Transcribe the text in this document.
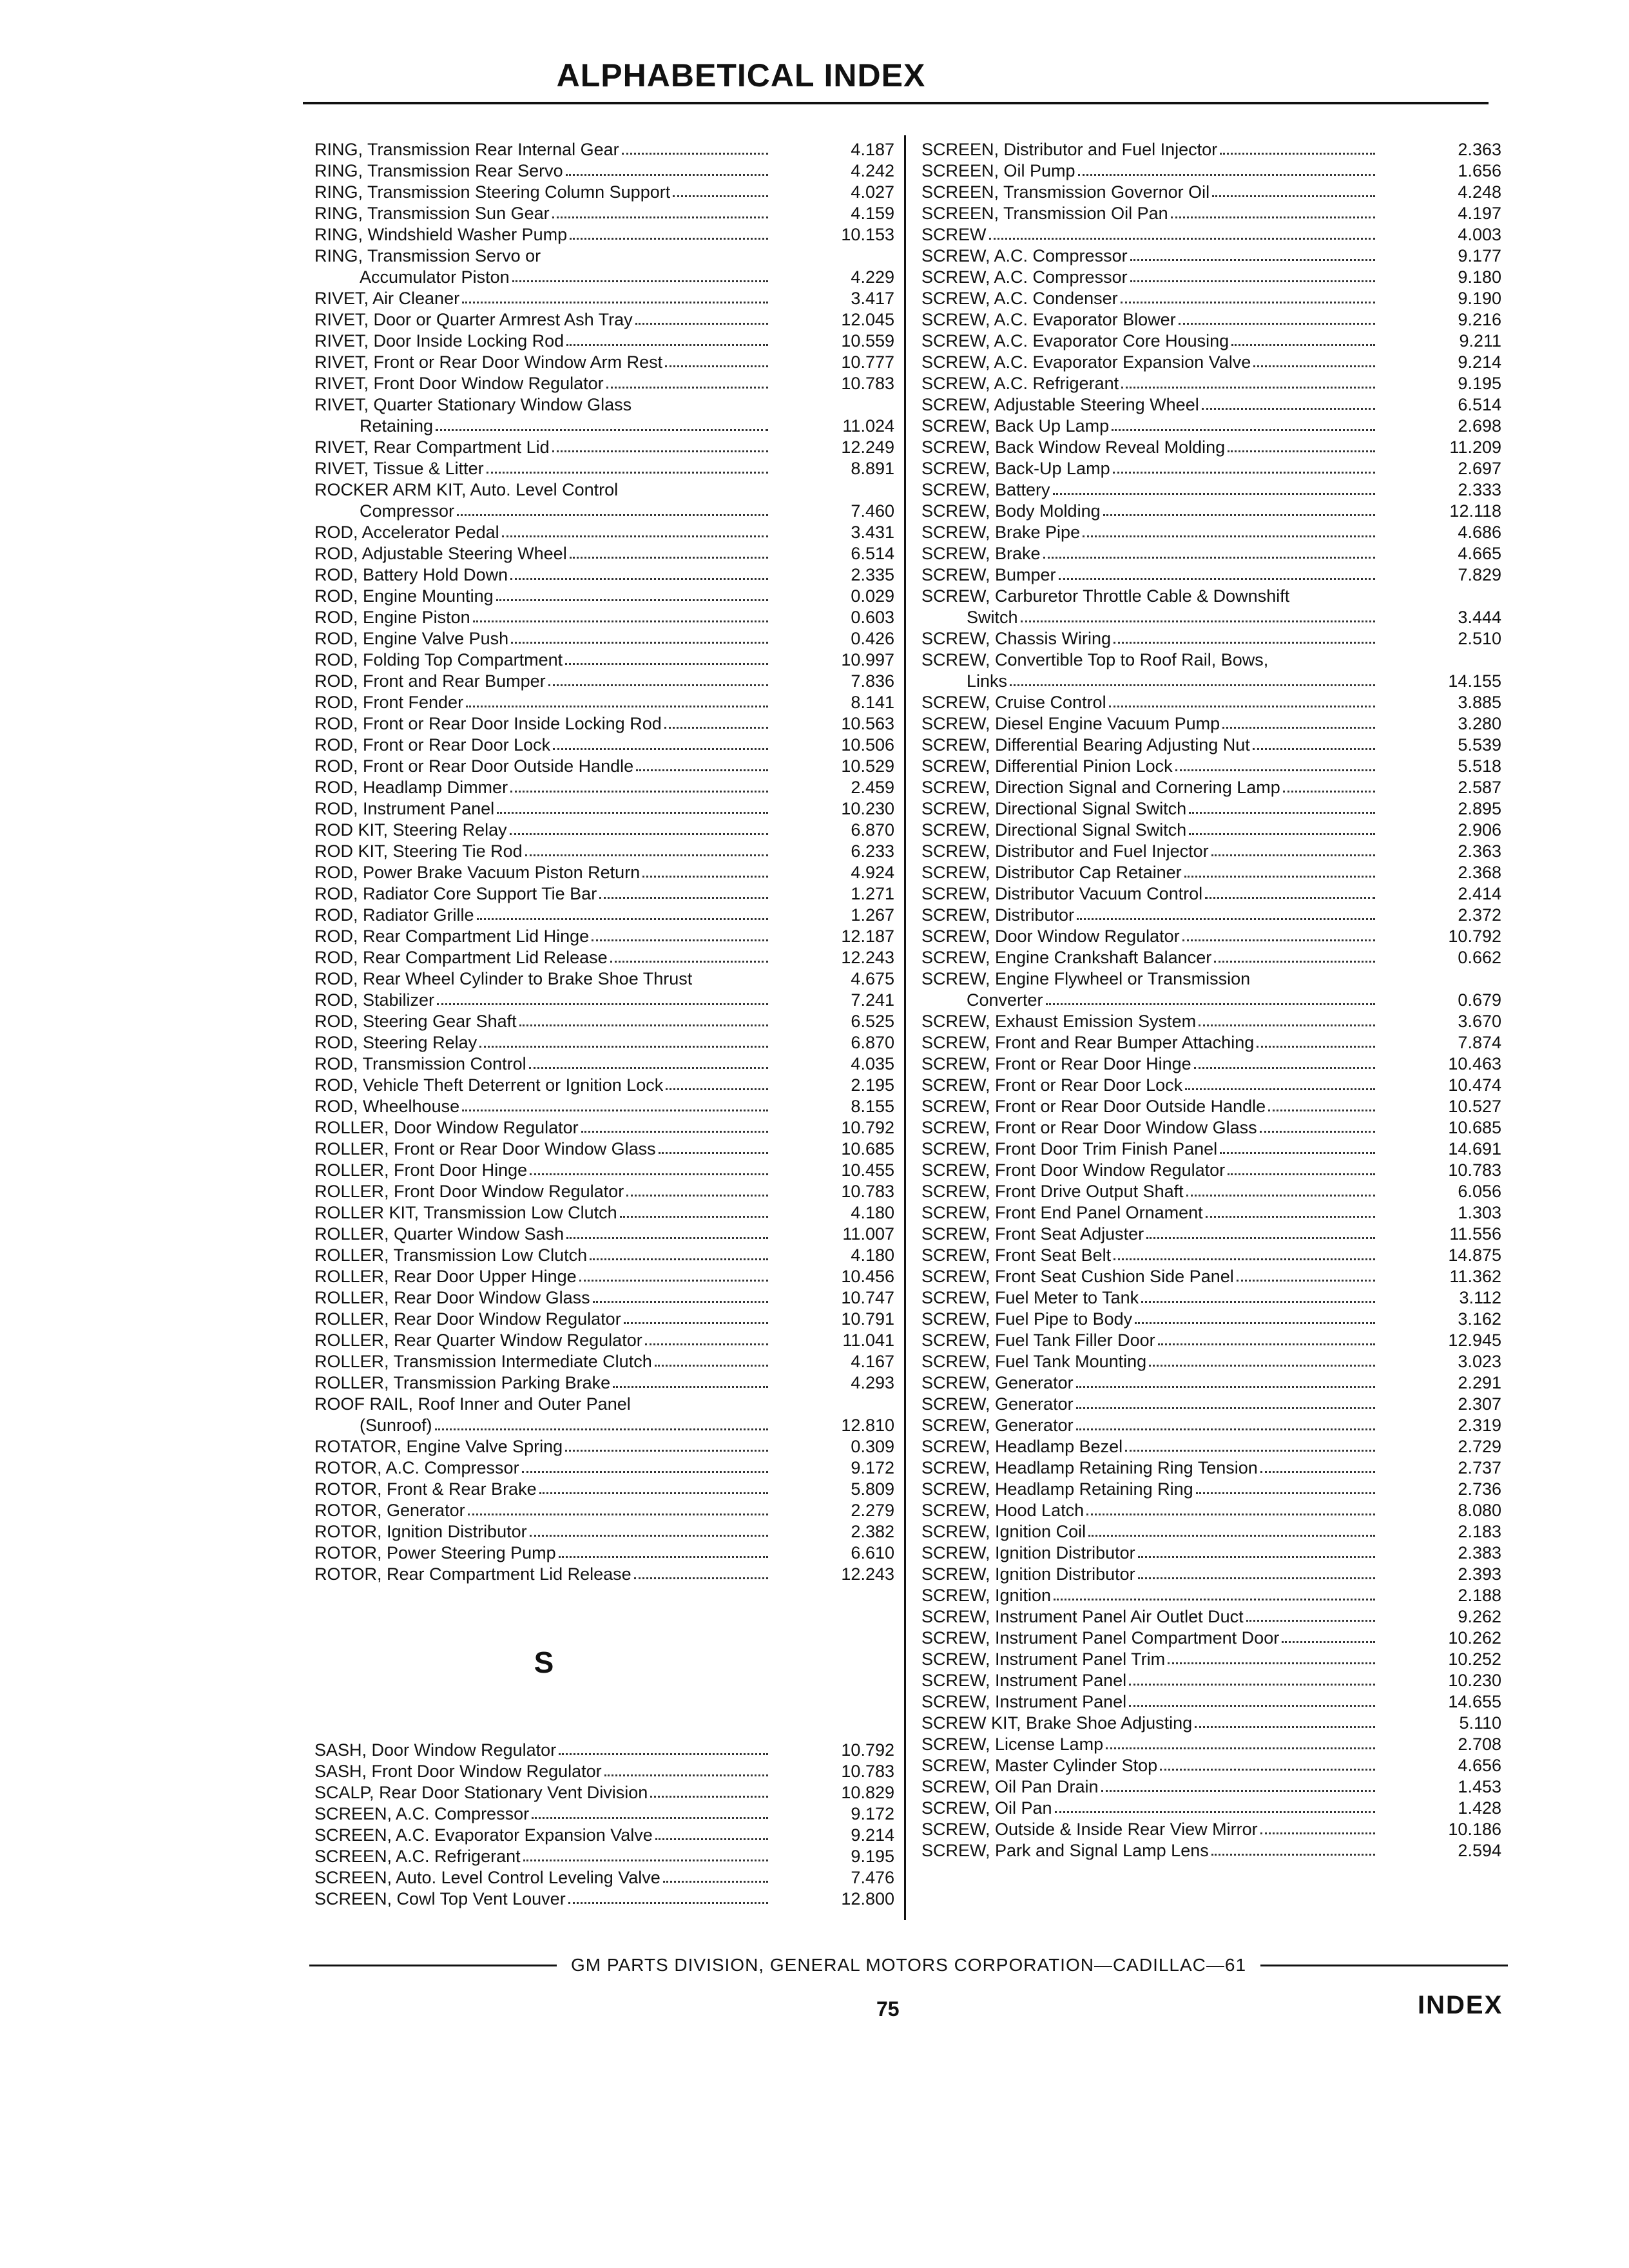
ALPHABETICAL INDEX
RING, Transmission Rear Internal Gear	4.187
RING, Transmission Rear Servo	4.242
RING, Transmission Steering Column Support	4.027
RING, Transmission Sun Gear	4.159
RING, Windshield Washer Pump	10.153
RING, Transmission Servo or
Accumulator Piston	4.229
RIVET, Air Cleaner	3.417
RIVET, Door or Quarter Armrest Ash Tray	12.045
RIVET, Door Inside Locking Rod	10.559
RIVET, Front or Rear Door Window Arm Rest	10.777
RIVET, Front Door Window Regulator	10.783
RIVET, Quarter Stationary Window Glass
Retaining	11.024
RIVET, Rear Compartment Lid	12.249
RIVET, Tissue & Litter	8.891
ROCKER ARM KIT, Auto. Level Control
Compressor	7.460
ROD, Accelerator Pedal	3.431
ROD, Adjustable Steering Wheel	6.514
ROD, Battery Hold Down	2.335
ROD, Engine Mounting	0.029
ROD, Engine Piston	0.603
ROD, Engine Valve Push	0.426
ROD, Folding Top Compartment	10.997
ROD, Front and Rear Bumper	7.836
ROD, Front Fender	8.141
ROD, Front or Rear Door Inside Locking Rod	10.563
ROD, Front or Rear Door Lock	10.506
ROD, Front or Rear Door Outside Handle	10.529
ROD, Headlamp Dimmer	2.459
ROD, Instrument Panel	10.230
ROD KIT, Steering Relay	6.870
ROD KIT, Steering Tie Rod	6.233
ROD, Power Brake Vacuum Piston Return	4.924
ROD, Radiator Core Support Tie Bar	1.271
ROD, Radiator Grille	1.267
ROD, Rear Compartment Lid Hinge	12.187
ROD, Rear Compartment Lid Release	12.243
ROD, Rear Wheel Cylinder to Brake Shoe Thrust	4.675
ROD, Stabilizer	7.241
ROD, Steering Gear Shaft	6.525
ROD, Steering Relay	6.870
ROD, Transmission Control	4.035
ROD, Vehicle Theft Deterrent or Ignition Lock	2.195
ROD, Wheelhouse	8.155
ROLLER, Door Window Regulator	10.792
ROLLER, Front or Rear Door Window Glass	10.685
ROLLER, Front Door Hinge	10.455
ROLLER, Front Door Window Regulator	10.783
ROLLER KIT, Transmission Low Clutch	4.180
ROLLER, Quarter Window Sash	11.007
ROLLER, Transmission Low Clutch	4.180
ROLLER, Rear Door Upper Hinge	10.456
ROLLER, Rear Door Window Glass	10.747
ROLLER, Rear Door Window Regulator	10.791
ROLLER, Rear Quarter Window Regulator	11.041
ROLLER, Transmission Intermediate Clutch	4.167
ROLLER, Transmission Parking Brake	4.293
ROOF RAIL, Roof Inner and Outer Panel
(Sunroof)	12.810
ROTATOR, Engine Valve Spring	0.309
ROTOR, A.C. Compressor	9.172
ROTOR, Front & Rear Brake	5.809
ROTOR, Generator	2.279
ROTOR, Ignition Distributor	2.382
ROTOR, Power Steering Pump	6.610
ROTOR, Rear Compartment Lid Release	12.243
S
SASH, Door Window Regulator	10.792
SASH, Front Door Window Regulator	10.783
SCALP, Rear Door Stationary Vent Division	10.829
SCREEN, A.C. Compressor	9.172
SCREEN, A.C. Evaporator Expansion Valve	9.214
SCREEN, A.C. Refrigerant	9.195
SCREEN, Auto. Level Control Leveling Valve	7.476
SCREEN, Cowl Top Vent Louver	12.800
SCREEN, Distributor and Fuel Injector	2.363
SCREEN, Oil Pump	1.656
SCREEN, Transmission Governor Oil	4.248
SCREEN, Transmission Oil Pan	4.197
SCREW	4.003
SCREW, A.C. Compressor	9.177
SCREW, A.C. Compressor	9.180
SCREW, A.C. Condenser	9.190
SCREW, A.C. Evaporator Blower	9.216
SCREW, A.C. Evaporator Core Housing	9.211
SCREW, A.C. Evaporator Expansion Valve	9.214
SCREW, A.C. Refrigerant	9.195
SCREW, Adjustable Steering Wheel	6.514
SCREW, Back Up Lamp	2.698
SCREW, Back Window Reveal Molding	11.209
SCREW, Back-Up Lamp	2.697
SCREW, Battery	2.333
SCREW, Body Molding	12.118
SCREW, Brake Pipe	4.686
SCREW, Brake	4.665
SCREW, Bumper	7.829
SCREW, Carburetor Throttle Cable & Downshift
Switch	3.444
SCREW, Chassis Wiring	2.510
SCREW, Convertible Top to Roof Rail, Bows,
Links	14.155
SCREW, Cruise Control	3.885
SCREW, Diesel Engine Vacuum Pump	3.280
SCREW, Differential Bearing Adjusting Nut	5.539
SCREW, Differential Pinion Lock	5.518
SCREW, Direction Signal and Cornering Lamp	2.587
SCREW, Directional Signal Switch	2.895
SCREW, Directional Signal Switch	2.906
SCREW, Distributor and Fuel Injector	2.363
SCREW, Distributor Cap Retainer	2.368
SCREW, Distributor Vacuum Control	2.414
SCREW, Distributor	2.372
SCREW, Door Window Regulator	10.792
SCREW, Engine Crankshaft Balancer	0.662
SCREW, Engine Flywheel or Transmission
Converter	0.679
SCREW, Exhaust Emission System	3.670
SCREW, Front and Rear Bumper Attaching	7.874
SCREW, Front or Rear Door Hinge	10.463
SCREW, Front or Rear Door Lock	10.474
SCREW, Front or Rear Door Outside Handle	10.527
SCREW, Front or Rear Door Window Glass	10.685
SCREW, Front Door Trim Finish Panel	14.691
SCREW, Front Door Window Regulator	10.783
SCREW, Front Drive Output Shaft	6.056
SCREW, Front End Panel Ornament	1.303
SCREW, Front Seat Adjuster	11.556
SCREW, Front Seat Belt	14.875
SCREW, Front Seat Cushion Side Panel	11.362
SCREW, Fuel Meter to Tank	3.112
SCREW, Fuel Pipe to Body	3.162
SCREW, Fuel Tank Filler Door	12.945
SCREW, Fuel Tank Mounting	3.023
SCREW, Generator	2.291
SCREW, Generator	2.307
SCREW, Generator	2.319
SCREW, Headlamp Bezel	2.729
SCREW, Headlamp Retaining Ring Tension	2.737
SCREW, Headlamp Retaining Ring	2.736
SCREW, Hood Latch	8.080
SCREW, Ignition Coil	2.183
SCREW, Ignition Distributor	2.383
SCREW, Ignition Distributor	2.393
SCREW, Ignition	2.188
SCREW, Instrument Panel Air Outlet Duct	9.262
SCREW, Instrument Panel Compartment Door	10.262
SCREW, Instrument Panel Trim	10.252
SCREW, Instrument Panel	10.230
SCREW, Instrument Panel	14.655
SCREW KIT, Brake Shoe Adjusting	5.110
SCREW, License Lamp	2.708
SCREW, Master Cylinder Stop	4.656
SCREW, Oil Pan Drain	1.453
SCREW, Oil Pan	1.428
SCREW, Outside & Inside Rear View Mirror	10.186
SCREW, Park and Signal Lamp Lens	2.594
GM PARTS DIVISION, GENERAL MOTORS CORPORATION—CADILLAC—61
75	INDEX
